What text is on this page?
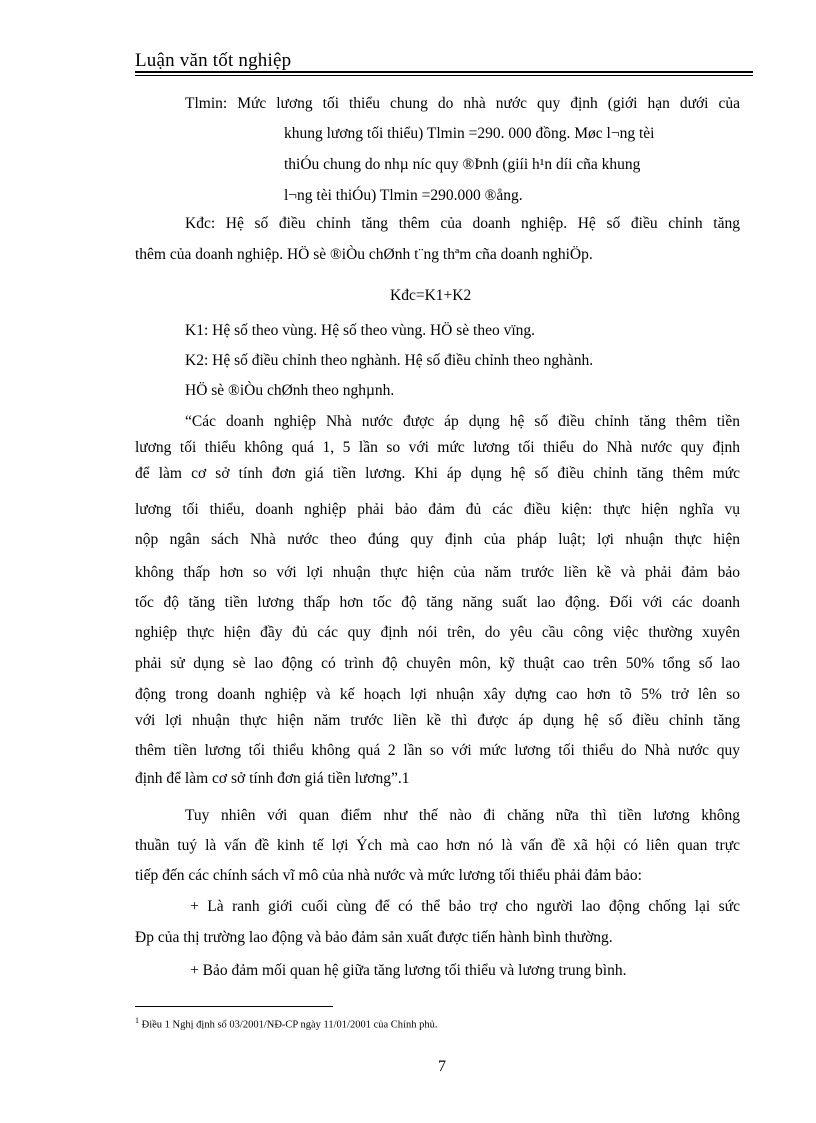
Luận văn tốt nghiệp
Tlmin: Mức lương tối thiểu chung do nhà nước quy định (giới hạn dưới của
khung lương tối thiểu) Tlmin =290. 000 đồng. Møc l¬ng tèi
thiÓu chung do nhµ níc quy ®Þnh (giíi h¹n díi cña khung
l¬ng tèi thiÓu) Tlmin =290.000 ®ång.
Kđc: Hệ số điều chỉnh tăng thêm của doanh nghiệp. Hệ số điều chỉnh tăng
thêm của doanh nghiệp. HÖ sè ®iÒu chØnh t¨ng thªm cña doanh nghiÖp.
Kđc=K1+K2
K1: Hệ số theo vùng. Hệ số theo vùng. HÖ sè theo vïng.
K2: Hệ số điều chỉnh theo nghành. Hệ số điều chỉnh theo nghành.
HÖ sè ®iÒu chØnh theo nghµnh.
“Các doanh nghiệp Nhà nước được áp dụng hệ số điều chỉnh tăng thêm tiền
lương tối thiểu không quá 1, 5 lần so với mức lương tối thiểu do Nhà nước quy định
để làm cơ sở tính đơn giá tiền lương. Khi áp dụng hệ số điều chỉnh tăng thêm mức
lương tối thiểu, doanh nghiệp phải bảo đảm đủ các điều kiện: thực hiện nghĩa vụ
nộp ngân sách Nhà nước theo đúng quy định của pháp luật; lợi nhuận thực hiện
không thấp hơn so với lợi nhuận thực hiện của năm trước liền kề và phải đảm bảo
tốc độ tăng tiền lương thấp hơn tốc độ tăng năng suất lao động. Đối với các doanh
nghiệp thực hiện đầy đủ các quy định nói trên, do yêu cầu công việc thường xuyên
phải sử dụng sè lao động có trình độ chuyên môn, kỹ thuật cao trên 50% tổng số lao
động trong doanh nghiệp và kế hoạch lợi nhuận xây dựng cao hơn tõ 5% trở lên so
với lợi nhuận thực hiện năm trước liền kề thì được áp dụng hệ số điều chỉnh tăng
thêm tiền lương tối thiểu không quá 2 lần so với mức lương tối thiểu do Nhà nước quy
định để làm cơ sở tính đơn giá tiền lương”.1
Tuy nhiên với quan điểm như thế nào đi chăng nữa thì tiền lương không
thuần tuý là vấn đề kinh tế lợi Ých mà cao hơn nó là vấn đề xã hội có liên quan trực
tiếp đến các chính sách vĩ mô của nhà nước và mức lương tối thiểu phải đảm bảo:
+ Là ranh giới cuối cùng để có thể bảo trợ cho người lao động chống lại sức
Ðp của thị trường lao động và bảo đảm sản xuất được tiến hành bình thường.
+ Bảo đảm mối quan hệ giữa tăng lương tối thiểu và lương trung bình.
$^1$ Điều 1 Nghị định số 03/2001/NĐ-CP ngày 11/01/2001 của Chính phủ.
7
